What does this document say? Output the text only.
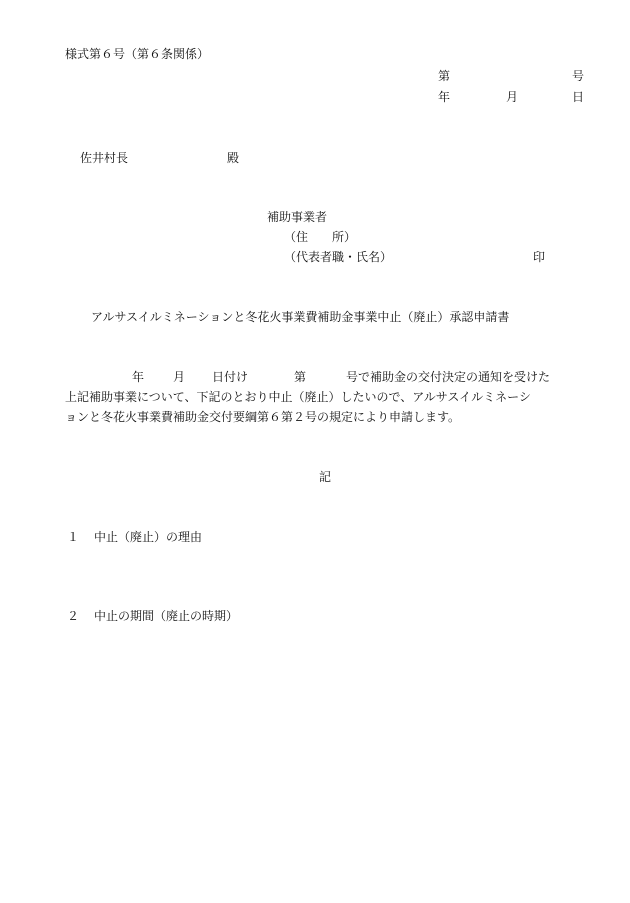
様式第６号（第６条関係）
第	号
年	月	日
佐井村長	殿
補助事業者
（住　　所）
（代表者職・氏名）	印
アルサスイルミネーションと冬花火事業費補助金事業中止（廃止）承認申請書
年 月 日付け	第	号で補助金の交付決定の通知を受けた
上記補助事業について、下記のとおり中止（廃止）したいので、アルサスイルミネーシ
ョンと冬花火事業費補助金交付要綱第６第２号の規定により申請します。
記
１ 中止（廃止）の理由
２ 中止の期間（廃止の時期）
